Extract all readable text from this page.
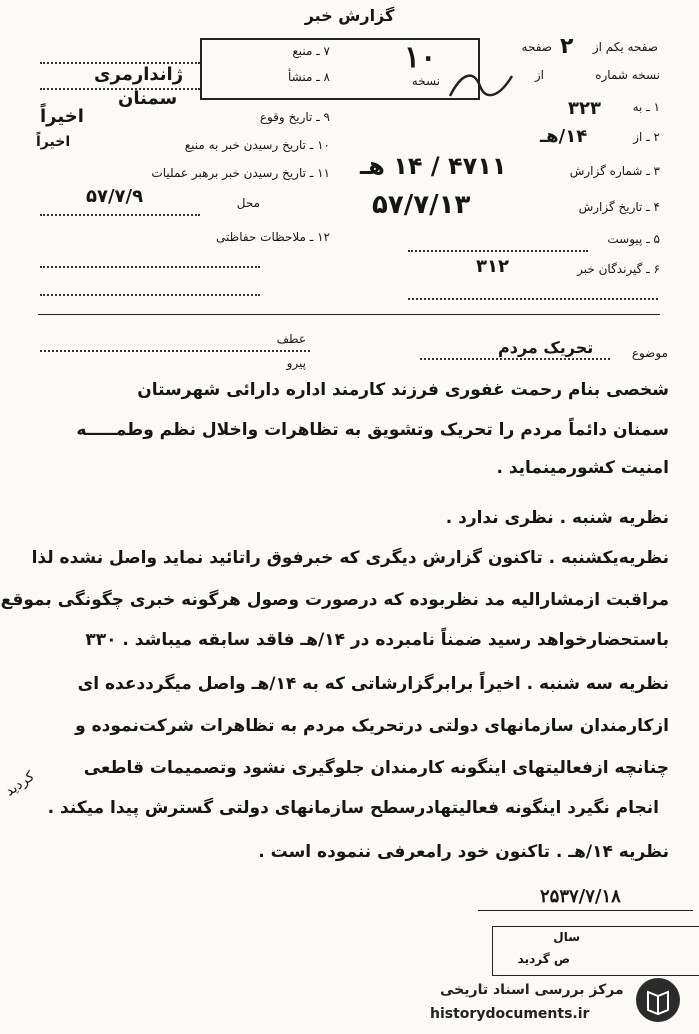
گزارش خبر
۱۰
۷ ـ منبع
۸ ـ منشأ
ژاندارمری
سمنان
۹ ـ تاریخ وقوع
اخیراً
۱۰ ـ تاریخ رسیدن خبر به منبع
اخیراً
۱۱ ـ تاریخ رسیدن خبر برهبر عملیات
محل
۵۷/۷/۹
۱۲ ـ ملاحظات حفاظتی
صفحه یکم از
۲
صفحه
نسخه شماره
از
نسخه
۱ ـ به
۳۲۳
۲ ـ از
۱۴/هـ
۳ ـ شماره گزارش
۴۷۱۱ / ۱۴ هـ
۴ ـ تاریخ گزارش
۵۷/۷/۱۳
۵ ـ پیوست
۶ ـ گیرندگان خبر
۳۱۲
عطف
پیرو
موضوع
تحریک مردم
شخصی بنام رحمت غفوری فرزند کارمند اداره دارائی شهرستان
سمنان دائماً مردم را تحریک وتشویق به تظاهرات واخلال نظم وطمـــــه
امنیت کشورمینماید .
نظریه شنبه . نظری ندارد .
نظریه‌یکشنبه . تاکنون گزارش دیگری که خبرفوق راتائید نماید واصل نشده لذا
مراقبت ازمشارالیه مد نظربوده که درصورت وصول هرگونه خبری چگونگی بموقع
باستحضارخواهد رسید ضمناً نامبرده در ۱۴/هـ فاقد سابقه میباشد . ۳۳۰
نظریه سه شنبه . اخیراً برابرگزارشاتی که به ۱۴/هـ واصل میگرددعده ای
ازکارمندان سازمانهای دولتی درتحریک مردم به تظاهرات شرکت‌نموده و
چنانچه ازفعالیتهای اینگونه کارمندان جلوگیری نشود وتصمیمات قاطعی
انجام نگیرد اینگونه فعالیتهادرسطح سازمانهای دولتی گسترش پیدا میکند .
نظریه ۱۴/هـ . تاکنون خود رامعرفی ننموده است .
کردید
۲۵۳۷/۷/۱۸
سال
ص گردید
مرکز بررسی اسناد تاریخی
historydocuments.ir
